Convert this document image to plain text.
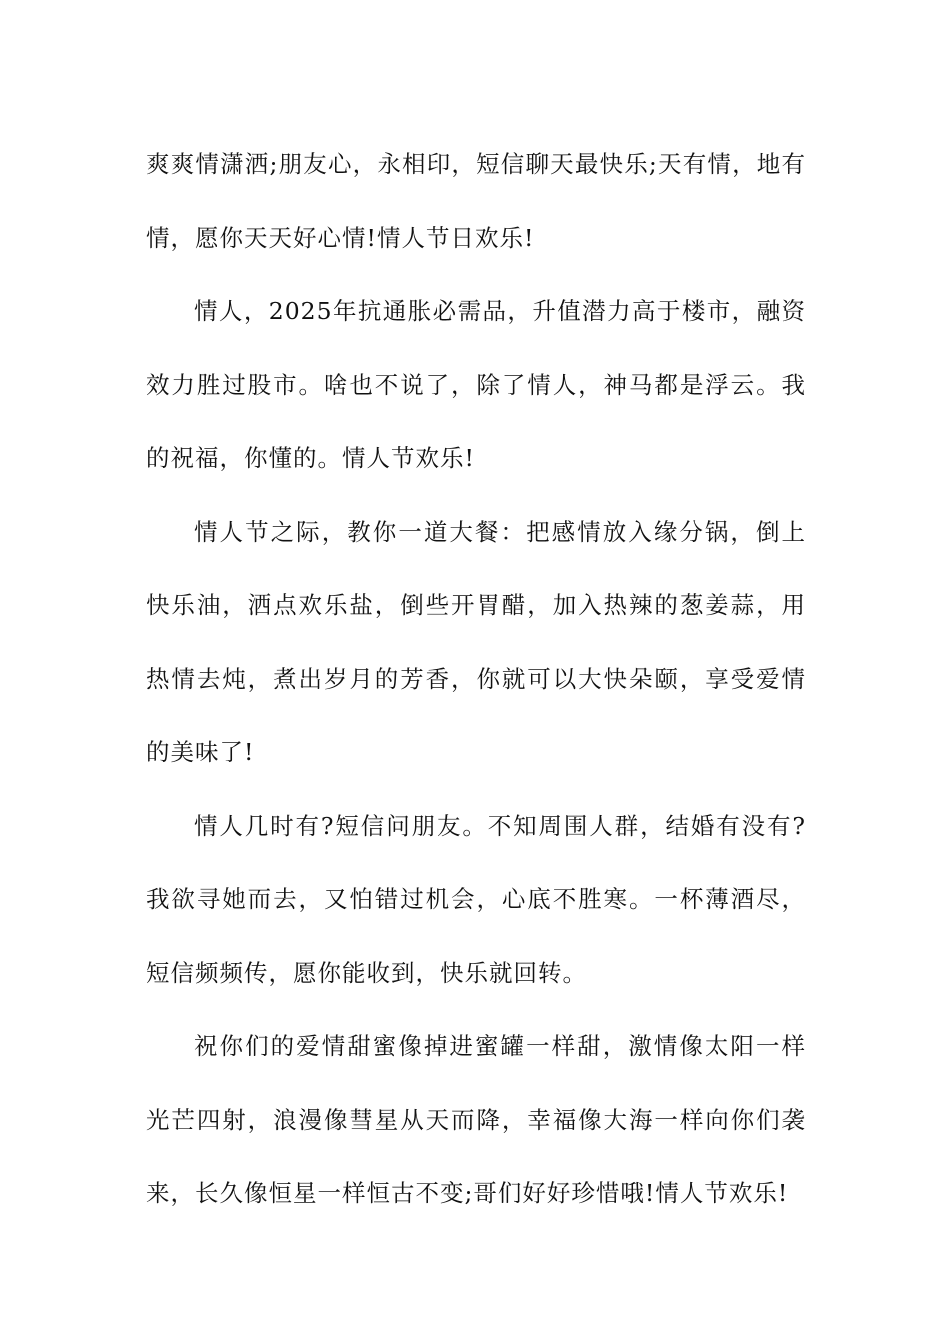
爽爽情潇洒;朋友心，永相印，短信聊天最快乐;天有情，地有情，愿你天天好心情!情人节日欢乐!

情人，2025年抗通胀必需品，升值潜力高于楼市，融资效力胜过股市。啥也不说了，除了情人，神马都是浮云。我的祝福，你懂的。情人节欢乐!

情人节之际，教你一道大餐：把感情放入缘分锅，倒上快乐油，洒点欢乐盐，倒些开胃醋，加入热辣的葱姜蒜，用热情去炖，煮出岁月的芳香，你就可以大快朵颐，享受爱情的美味了!

情人几时有?短信问朋友。不知周围人群，结婚有没有?我欲寻她而去，又怕错过机会，心底不胜寒。一杯薄酒尽，短信频频传，愿你能收到，快乐就回转。

祝你们的爱情甜蜜像掉进蜜罐一样甜，激情像太阳一样光芒四射，浪漫像彗星从天而降，幸福像大海一样向你们袭来，长久像恒星一样恒古不变;哥们好好珍惜哦!情人节欢乐!
